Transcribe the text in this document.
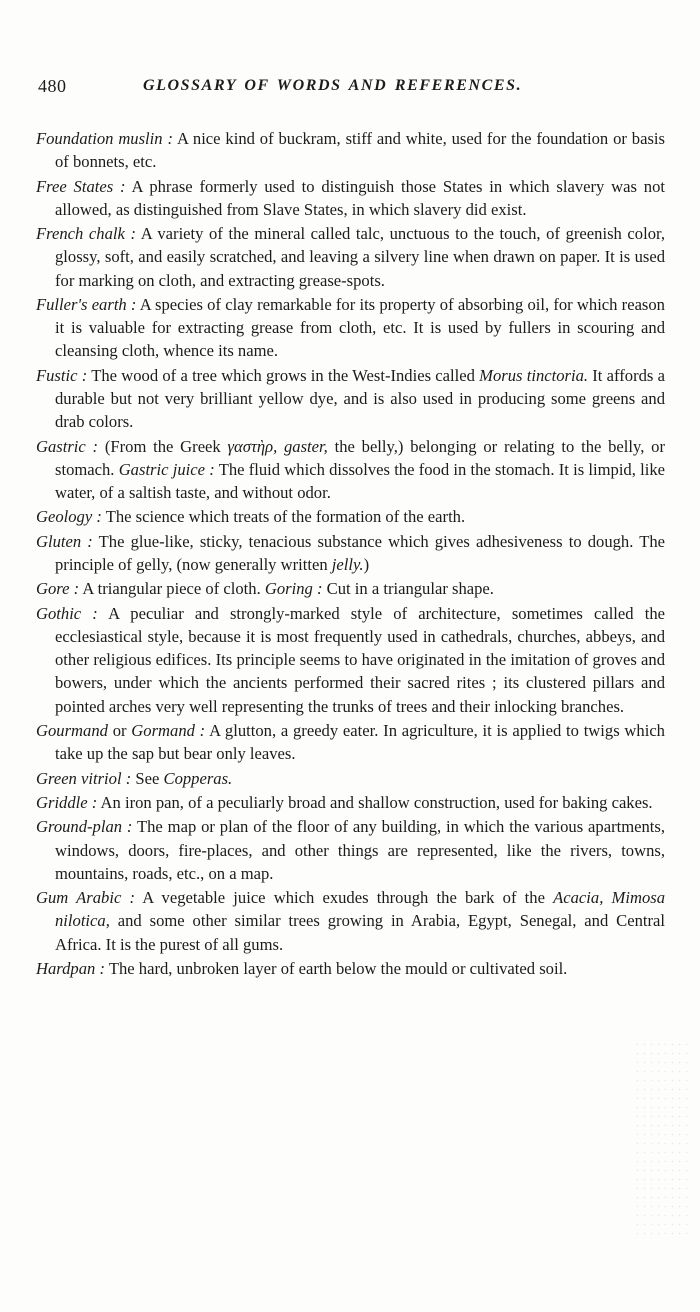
480	GLOSSARY OF WORDS AND REFERENCES.

Foundation muslin : A nice kind of buckram, stiff and white, used for the foundation or basis of bonnets, etc.

Free States : A phrase formerly used to distinguish those States in which slavery was not allowed, as distinguished from Slave States, in which slavery did exist.

French chalk : A variety of the mineral called talc, unctuous to the touch, of greenish color, glossy, soft, and easily scratched, and leaving a silvery line when drawn on paper. It is used for marking on cloth, and extracting grease-spots.

Fuller's earth : A species of clay remarkable for its property of absorbing oil, for which reason it is valuable for extracting grease from cloth, etc. It is used by fullers in scouring and cleansing cloth, whence its name.

Fustic : The wood of a tree which grows in the West-Indies called Morus tinctoria. It affords a durable but not very brilliant yellow dye, and is also used in producing some greens and drab colors.

Gastric : (From the Greek γαστὴρ, gaster, the belly,) belonging or relating to the belly, or stomach. Gastric juice : The fluid which dissolves the food in the stomach. It is limpid, like water, of a saltish taste, and without odor.

Geology : The science which treats of the formation of the earth.

Gluten : The glue-like, sticky, tenacious substance which gives adhesiveness to dough. The principle of gelly, (now generally written jelly.)

Gore : A triangular piece of cloth. Goring : Cut in a triangular shape.

Gothic : A peculiar and strongly-marked style of architecture, sometimes called the ecclesiastical style, because it is most frequently used in cathedrals, churches, abbeys, and other religious edifices. Its principle seems to have originated in the imitation of groves and bowers, under which the ancients performed their sacred rites ; its clustered pillars and pointed arches very well representing the trunks of trees and their inlocking branches.

Gourmand or Gormand : A glutton, a greedy eater. In agriculture, it is applied to twigs which take up the sap but bear only leaves.

Green vitriol : See Copperas.

Griddle : An iron pan, of a peculiarly broad and shallow construction, used for baking cakes.

Ground-plan : The map or plan of the floor of any building, in which the various apartments, windows, doors, fire-places, and other things are represented, like the rivers, towns, mountains, roads, etc., on a map.

Gum Arabic : A vegetable juice which exudes through the bark of the Acacia, Mimosa nilotica, and some other similar trees growing in Arabia, Egypt, Senegal, and Central Africa. It is the purest of all gums.

Hardpan : The hard, unbroken layer of earth below the mould or cultivated soil.
